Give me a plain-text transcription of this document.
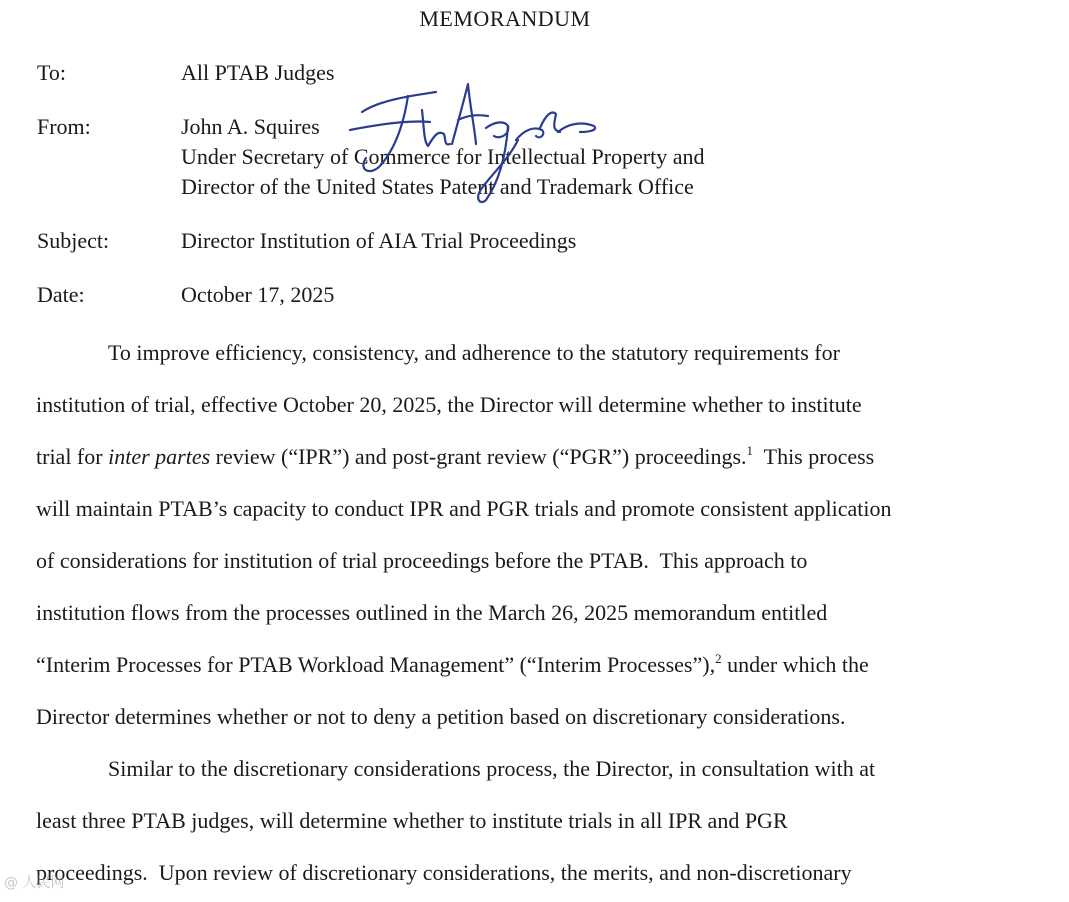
MEMORANDUM
To:	All PTAB Judges
From:	John A. Squires
Under Secretary of Commerce for Intellectual Property and
Director of the United States Patent and Trademark Office
Subject:	Director Institution of AIA Trial Proceedings
Date:	October 17, 2025
To improve efficiency, consistency, and adherence to the statutory requirements for
institution of trial, effective October 20, 2025, the Director will determine whether to institute
trial for inter partes review (“IPR”) and post-grant review (“PGR”) proceedings.$^1$  This process
will maintain PTAB’s capacity to conduct IPR and PGR trials and promote consistent application
of considerations for institution of trial proceedings before the PTAB.  This approach to
institution flows from the processes outlined in the March 26, 2025 memorandum entitled
“Interim Processes for PTAB Workload Management” (“Interim Processes”),$^2$ under which the
Director determines whether or not to deny a petition based on discretionary considerations.
Similar to the discretionary considerations process, the Director, in consultation with at
least three PTAB judges, will determine whether to institute trials in all IPR and PGR
proceedings.  Upon review of discretionary considerations, the merits, and non-discretionary
@ 人民网
